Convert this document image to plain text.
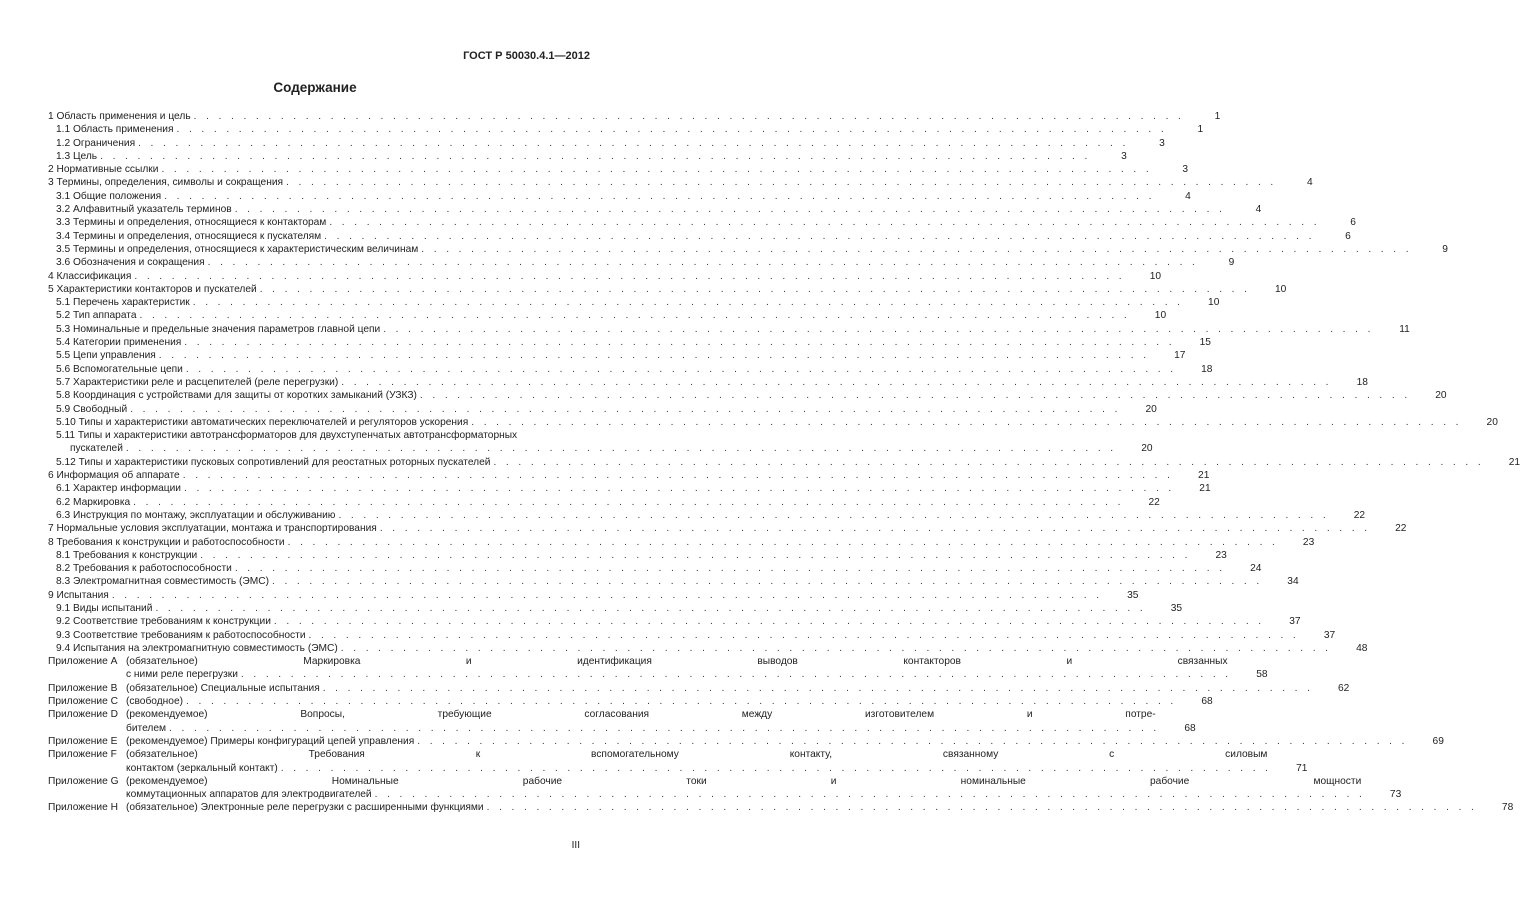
ГОСТ Р 50030.4.1—2012
Содержание
1 Область применения и цель . . . . . . . . . . . . . . . . . . . . . . . . . . . . . . . . . . . . . . . . . . . . . . . . . . . . . . . . . . . . . . . . . . . . . . . . . . . . . . . .	1
1.1 Область применения . . . . . . . . . . . . . . . . . . . . . . . . . . . . . . . . . . . . . . . . . . . . . . . . . . . . . . . . . . . . . . . . . . . . . . . . . . . . . . . .	1
1.2 Ограничения . . . . . . . . . . . . . . . . . . . . . . . . . . . . . . . . . . . . . . . . . . . . . . . . . . . . . . . . . . . . . . . . . . . . . . . . . . . . . . . .	3
1.3 Цель . . . . . . . . . . . . . . . . . . . . . . . . . . . . . . . . . . . . . . . . . . . . . . . . . . . . . . . . . . . . . . . . . . . . . . . . . . . . . . . .	3
2 Нормативные ссылки . . . . . . . . . . . . . . . . . . . . . . . . . . . . . . . . . . . . . . . . . . . . . . . . . . . . . . . . . . . . . . . . . . . . . . . . . . . . . . . .	3
3 Термины, определения, символы и сокращения . . . . . . . . . . . . . . . . . . . . . . . . . . . . . . . . . . . . . . . . . . . . . . . . . . . . . . . . . . . . . . . . . . . . . . . . . . . . . . . .	4
3.1 Общие положения . . . . . . . . . . . . . . . . . . . . . . . . . . . . . . . . . . . . . . . . . . . . . . . . . . . . . . . . . . . . . . . . . . . . . . . . . . . . . . . .	4
3.2 Алфавитный указатель терминов . . . . . . . . . . . . . . . . . . . . . . . . . . . . . . . . . . . . . . . . . . . . . . . . . . . . . . . . . . . . . . . . . . . . . . . . . . . . . . . .	4
3.3 Термины и определения, относящиеся к контакторам . . . . . . . . . . . . . . . . . . . . . . . . . . . . . . . . . . . . . . . . . . . . . . . . . . . . . . . . . . . . . . . . . . . . . . . . . . . . . . . .	6
3.4 Термины и определения, относящиеся к пускателям . . . . . . . . . . . . . . . . . . . . . . . . . . . . . . . . . . . . . . . . . . . . . . . . . . . . . . . . . . . . . . . . . . . . . . . . . . . . . . . .	6
3.5 Термины и определения, относящиеся к характеристическим величинам . . . . . . . . . . . . . . . . . . . . . . . . . . . . . . . . . . . . . . . . . . . . . . . . . . . . . . . . . . . . . . . . . . . . . . . . . . . . . . . .	9
3.6 Обозначения и сокращения . . . . . . . . . . . . . . . . . . . . . . . . . . . . . . . . . . . . . . . . . . . . . . . . . . . . . . . . . . . . . . . . . . . . . . . . . . . . . . . .	9
4 Классификация . . . . . . . . . . . . . . . . . . . . . . . . . . . . . . . . . . . . . . . . . . . . . . . . . . . . . . . . . . . . . . . . . . . . . . . . . . . . . . . .	10
5 Характеристики контакторов и пускателей . . . . . . . . . . . . . . . . . . . . . . . . . . . . . . . . . . . . . . . . . . . . . . . . . . . . . . . . . . . . . . . . . . . . . . . . . . . . . . . .	10
5.1 Перечень характеристик . . . . . . . . . . . . . . . . . . . . . . . . . . . . . . . . . . . . . . . . . . . . . . . . . . . . . . . . . . . . . . . . . . . . . . . . . . . . . . . .	10
5.2 Тип аппарата . . . . . . . . . . . . . . . . . . . . . . . . . . . . . . . . . . . . . . . . . . . . . . . . . . . . . . . . . . . . . . . . . . . . . . . . . . . . . . . .	10
5.3 Номинальные и предельные значения параметров главной цепи . . . . . . . . . . . . . . . . . . . . . . . . . . . . . . . . . . . . . . . . . . . . . . . . . . . . . . . . . . . . . . . . . . . . . . . . . . . . . . . .	11
5.4 Категории применения . . . . . . . . . . . . . . . . . . . . . . . . . . . . . . . . . . . . . . . . . . . . . . . . . . . . . . . . . . . . . . . . . . . . . . . . . . . . . . . .	15
5.5 Цепи управления . . . . . . . . . . . . . . . . . . . . . . . . . . . . . . . . . . . . . . . . . . . . . . . . . . . . . . . . . . . . . . . . . . . . . . . . . . . . . . . .	17
5.6 Вспомогательные цепи . . . . . . . . . . . . . . . . . . . . . . . . . . . . . . . . . . . . . . . . . . . . . . . . . . . . . . . . . . . . . . . . . . . . . . . . . . . . . . . .	18
5.7 Характеристики реле и расцепителей (реле перегрузки) . . . . . . . . . . . . . . . . . . . . . . . . . . . . . . . . . . . . . . . . . . . . . . . . . . . . . . . . . . . . . . . . . . . . . . . . . . . . . . . .	18
5.8 Координация с устройствами для защиты от коротких замыканий (УЗКЗ) . . . . . . . . . . . . . . . . . . . . . . . . . . . . . . . . . . . . . . . . . . . . . . . . . . . . . . . . . . . . . . . . . . . . . . . . . . . . . . . .	20
5.9 Свободный . . . . . . . . . . . . . . . . . . . . . . . . . . . . . . . . . . . . . . . . . . . . . . . . . . . . . . . . . . . . . . . . . . . . . . . . . . . . . . . .	20
5.10 Типы и характеристики автоматических переключателей и регуляторов ускорения . . . . . . . . . . . . . . . . . . . . . . . . . . . . . . . . . . . . . . . . . . . . . . . . . . . . . . . . . . . . . . . . . . . . . . . . . . . . . . . .	20
5.11 Типы и характеристики автотрансформаторов для двухступенчатых автотрансформаторных
пускателей . . . . . . . . . . . . . . . . . . . . . . . . . . . . . . . . . . . . . . . . . . . . . . . . . . . . . . . . . . . . . . . . . . . . . . . . . . . . . . . .	20
5.12 Типы и характеристики пусковых сопротивлений для реостатных роторных пускателей . . . . . . . . . . . . . . . . . . . . . . . . . . . . . . . . . . . . . . . . . . . . . . . . . . . . . . . . . . . . . . . . . . . . . . . . . . . . . . . .	21
6 Информация об аппарате . . . . . . . . . . . . . . . . . . . . . . . . . . . . . . . . . . . . . . . . . . . . . . . . . . . . . . . . . . . . . . . . . . . . . . . . . . . . . . . .	21
6.1 Характер информации . . . . . . . . . . . . . . . . . . . . . . . . . . . . . . . . . . . . . . . . . . . . . . . . . . . . . . . . . . . . . . . . . . . . . . . . . . . . . . . .	21
6.2 Маркировка . . . . . . . . . . . . . . . . . . . . . . . . . . . . . . . . . . . . . . . . . . . . . . . . . . . . . . . . . . . . . . . . . . . . . . . . . . . . . . . .	22
6.3 Инструкция по монтажу, эксплуатации и обслуживанию . . . . . . . . . . . . . . . . . . . . . . . . . . . . . . . . . . . . . . . . . . . . . . . . . . . . . . . . . . . . . . . . . . . . . . . . . . . . . . . .	22
7 Нормальные условия эксплуатации, монтажа и транспортирования . . . . . . . . . . . . . . . . . . . . . . . . . . . . . . . . . . . . . . . . . . . . . . . . . . . . . . . . . . . . . . . . . . . . . . . . . . . . . . . .	22
8 Требования к конструкции и работоспособности . . . . . . . . . . . . . . . . . . . . . . . . . . . . . . . . . . . . . . . . . . . . . . . . . . . . . . . . . . . . . . . . . . . . . . . . . . . . . . . .	23
8.1 Требования к конструкции . . . . . . . . . . . . . . . . . . . . . . . . . . . . . . . . . . . . . . . . . . . . . . . . . . . . . . . . . . . . . . . . . . . . . . . . . . . . . . . .	23
8.2 Требования к работоспособности . . . . . . . . . . . . . . . . . . . . . . . . . . . . . . . . . . . . . . . . . . . . . . . . . . . . . . . . . . . . . . . . . . . . . . . . . . . . . . . .	24
8.3 Электромагнитная совместимость (ЭМС) . . . . . . . . . . . . . . . . . . . . . . . . . . . . . . . . . . . . . . . . . . . . . . . . . . . . . . . . . . . . . . . . . . . . . . . . . . . . . . . .	34
9 Испытания . . . . . . . . . . . . . . . . . . . . . . . . . . . . . . . . . . . . . . . . . . . . . . . . . . . . . . . . . . . . . . . . . . . . . . . . . . . . . . . .	35
9.1 Виды испытаний . . . . . . . . . . . . . . . . . . . . . . . . . . . . . . . . . . . . . . . . . . . . . . . . . . . . . . . . . . . . . . . . . . . . . . . . . . . . . . . .	35
9.2 Соответствие требованиям к конструкции . . . . . . . . . . . . . . . . . . . . . . . . . . . . . . . . . . . . . . . . . . . . . . . . . . . . . . . . . . . . . . . . . . . . . . . . . . . . . . . .	37
9.3 Соответствие требованиям к работоспособности . . . . . . . . . . . . . . . . . . . . . . . . . . . . . . . . . . . . . . . . . . . . . . . . . . . . . . . . . . . . . . . . . . . . . . . . . . . . . . . .	37
9.4 Испытания на электромагнитную совместимость (ЭМС) . . . . . . . . . . . . . . . . . . . . . . . . . . . . . . . . . . . . . . . . . . . . . . . . . . . . . . . . . . . . . . . . . . . . . . . . . . . . . . . .	48
Приложение A (обязательное) Маркировка и идентификация выводов контакторов и связанных
с ними реле перегрузки . . . . . . . . . . . . . . . . . . . . . . . . . . . . . . . . . . . . . . . . . . . . . . . . . . . . . . . . . . . . . . . . . . . . . . . . . . . . . . . .	58
Приложение B (обязательное) Специальные испытания . . . . . . . . . . . . . . . . . . . . . . . . . . . . . . . . . . . . . . . . . . . . . . . . . . . . . . . . . . . . . . . . . . . . . . . . . . . . . . . .	62
Приложение C (свободное) . . . . . . . . . . . . . . . . . . . . . . . . . . . . . . . . . . . . . . . . . . . . . . . . . . . . . . . . . . . . . . . . . . . . . . . . . . . . . . . .	68
Приложение D (рекомендуемое) Вопросы, требующие согласования между изготовителем и потре-
бителем . . . . . . . . . . . . . . . . . . . . . . . . . . . . . . . . . . . . . . . . . . . . . . . . . . . . . . . . . . . . . . . . . . . . . . . . . . . . . . . .	68
Приложение E (рекомендуемое) Примеры конфигураций цепей управления . . . . . . . . . . . . . . . . . . . . . . . . . . . . . . . . . . . . . . . . . . . . . . . . . . . . . . . . . . . . . . . . . . . . . . . . . . . . . . . .	69
Приложение F (обязательное) Требования к вспомогательному контакту, связанному с силовым
контактом (зеркальный контакт) . . . . . . . . . . . . . . . . . . . . . . . . . . . . . . . . . . . . . . . . . . . . . . . . . . . . . . . . . . . . . . . . . . . . . . . . . . . . . . . .	71
Приложение G (рекомендуемое) Номинальные рабочие токи и номинальные рабочие мощности
коммутационных аппаратов для электродвигателей . . . . . . . . . . . . . . . . . . . . . . . . . . . . . . . . . . . . . . . . . . . . . . . . . . . . . . . . . . . . . . . . . . . . . . . . . . . . . . . .	73
Приложение H (обязательное) Электронные реле перегрузки с расширенными функциями . . . . . . . . . . . . . . . . . . . . . . . . . . . . . . . . . . . . . . . . . . . . . . . . . . . . . . . . . . . . . . . . . . . . . . . . . . . . . . . .	78
III
